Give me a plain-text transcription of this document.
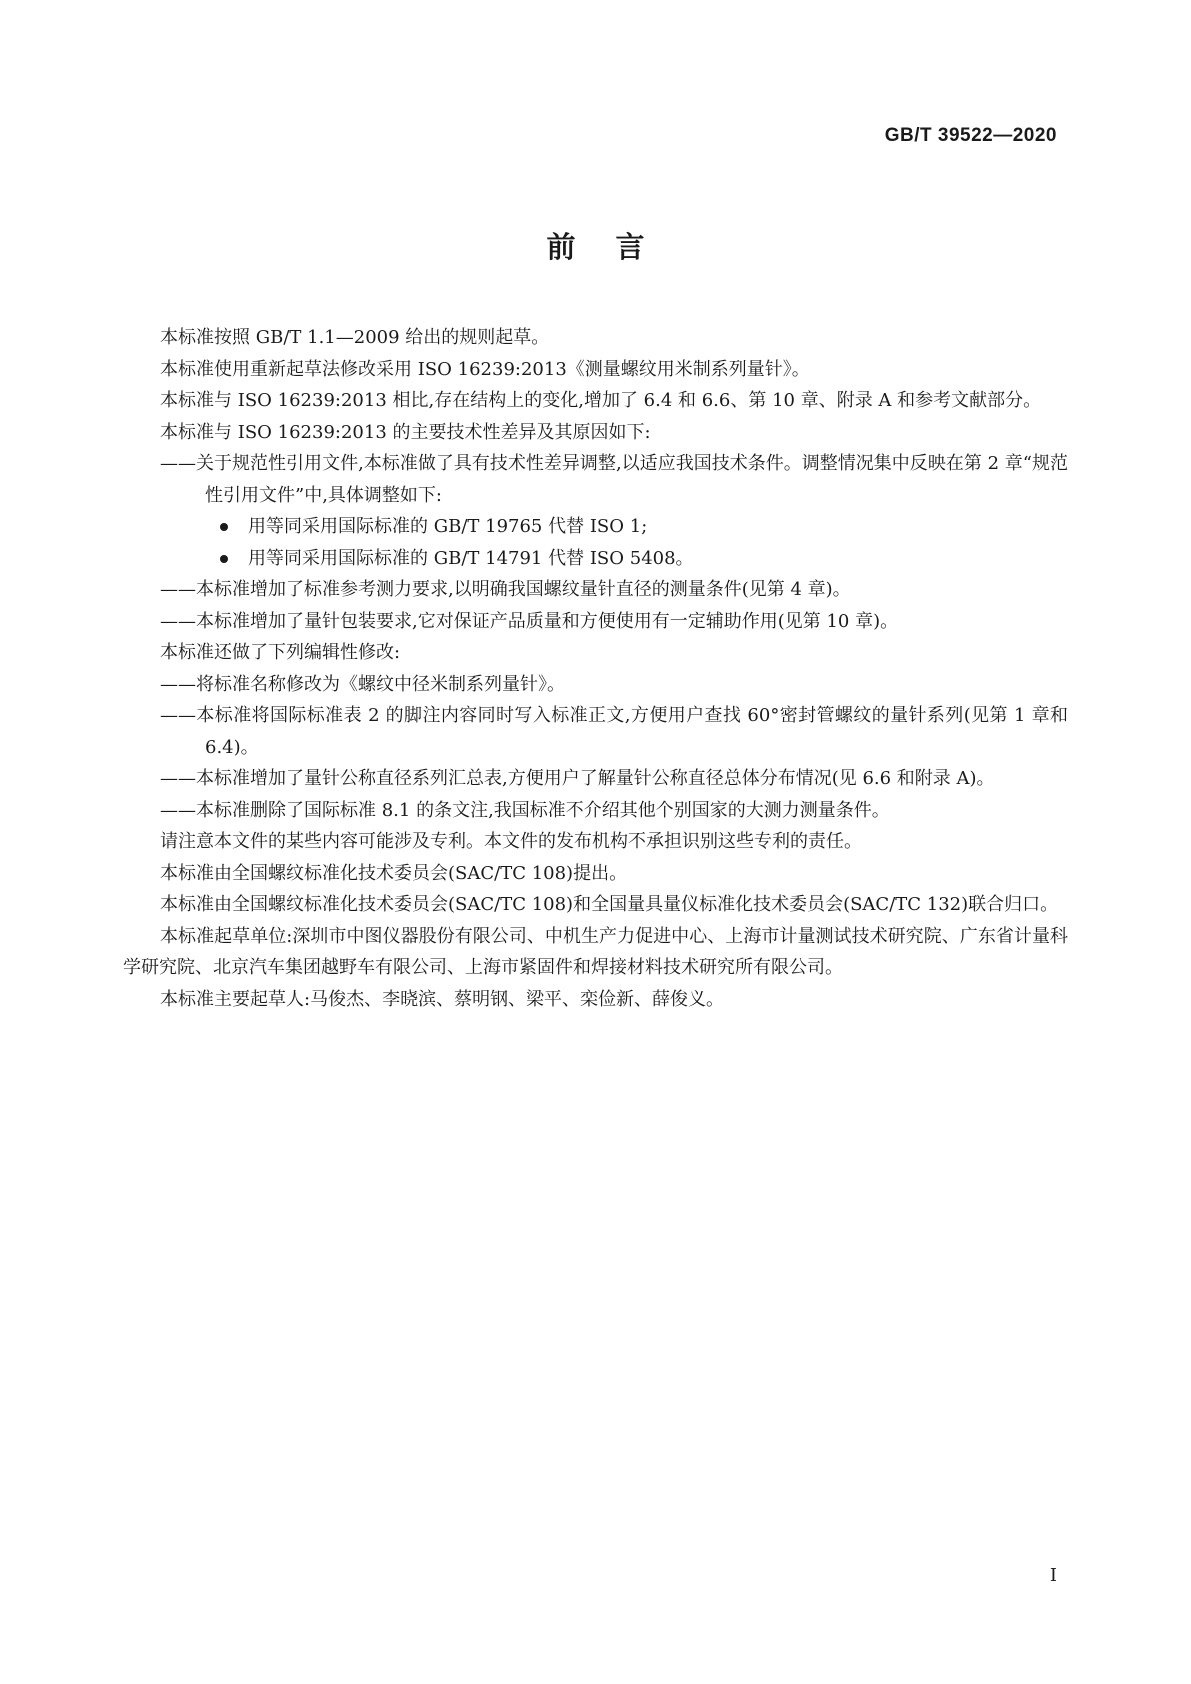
GB/T 39522—2020
前言

本标准按照 GB/T 1.1—2009 给出的规则起草。

本标准使用重新起草法修改采用 ISO 16239:2013《测量螺纹用米制系列量针》。

本标准与 ISO 16239:2013 相比,存在结构上的变化,增加了 6.4 和 6.6、第 10 章、附录 A 和参考文献部分。

本标准与 ISO 16239:2013 的主要技术性差异及其原因如下:

——关于规范性引用文件,本标准做了具有技术性差异调整,以适应我国技术条件。调整情况集中反映在第 2 章“规范性引用文件”中,具体调整如下:

用等同采用国际标准的 GB/T 19765 代替 ISO 1;

用等同采用国际标准的 GB/T 14791 代替 ISO 5408。

——本标准增加了标准参考测力要求,以明确我国螺纹量针直径的测量条件(见第 4 章)。

——本标准增加了量针包装要求,它对保证产品质量和方便使用有一定辅助作用(见第 10 章)。

本标准还做了下列编辑性修改:

——将标准名称修改为《螺纹中径米制系列量针》。

——本标准将国际标准表 2 的脚注内容同时写入标准正文,方便用户查找 60°密封管螺纹的量针系列(见第 1 章和 6.4)。

——本标准增加了量针公称直径系列汇总表,方便用户了解量针公称直径总体分布情况(见 6.6 和附录 A)。

——本标准删除了国际标准 8.1 的条文注,我国标准不介绍其他个别国家的大测力测量条件。

请注意本文件的某些内容可能涉及专利。本文件的发布机构不承担识别这些专利的责任。

本标准由全国螺纹标准化技术委员会(SAC/TC 108)提出。

本标准由全国螺纹标准化技术委员会(SAC/TC 108)和全国量具量仪标准化技术委员会(SAC/TC 132)联合归口。

本标准起草单位:深圳市中图仪器股份有限公司、中机生产力促进中心、上海市计量测试技术研究院、广东省计量科学研究院、北京汽车集团越野车有限公司、上海市紧固件和焊接材料技术研究所有限公司。

本标准主要起草人:马俊杰、李晓滨、蔡明钢、梁平、栾俭新、薛俊义。

I
